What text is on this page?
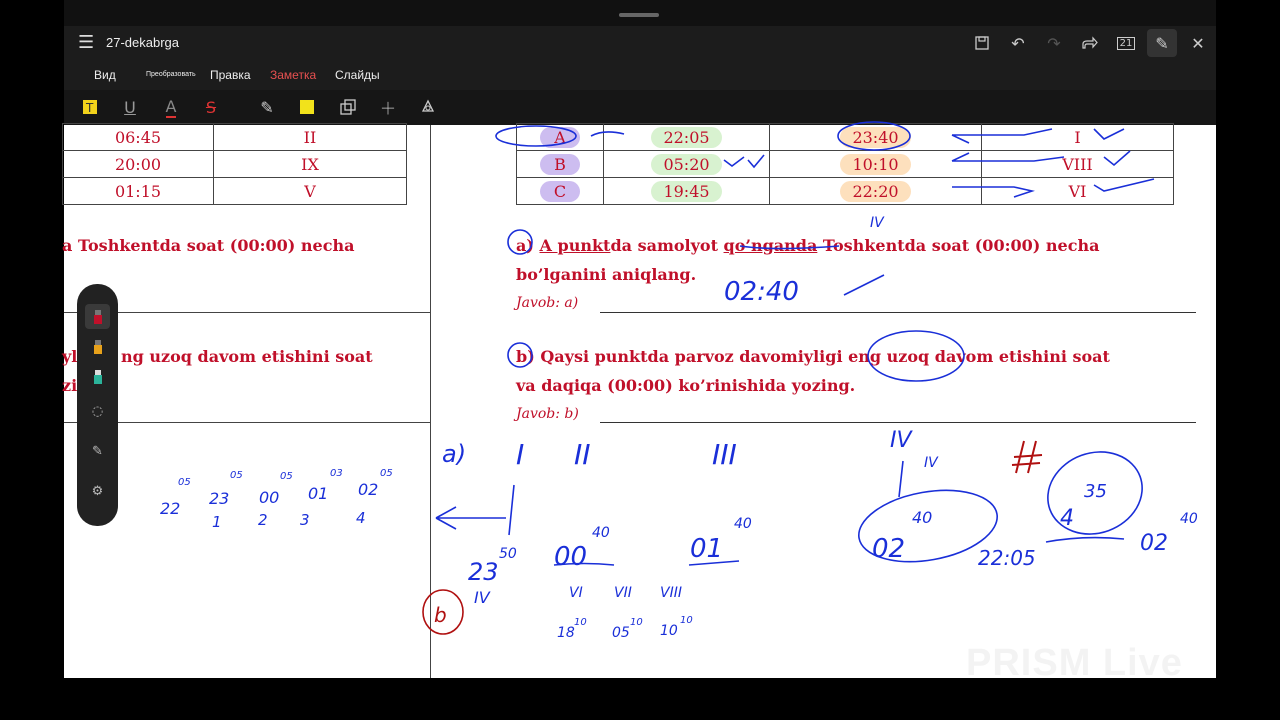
☰ 27-dekabrga	↶	↷	21	✎	✕
Вид	Преобразовать Правка Заметка Слайды
T U A S	✎	＋
06:45	II
20:00	IX
01:15	V
a Toshkentda soat (00:00) necha
yl	ng uzoq davom etishini soat
zi
A	22:05	23:40	I
B	05:20	10:10	VIII
C	19:45	22:20	VI
a) A punktda samolyot qo’nganda Toshkentda soat (00:00) necha
bo’lganini aniqlang.
Javob: a)
b) Qaysi punktda parvoz davomiyligi eng uzoq davom etishini soat
va daqiqa (00:00) ko’rinishida yozing.
Javob: b)
02:40
22
05
23
05
00
05
01
03
02
05
1 2 3	4
a) I II	III	IV
23
50 00
40
01
40
VI VII VIII
18
10
05
10
10
10
IV
02
40	4
35
22:05
02
40
IV
IV
b
◌
✎
⚙
PRISM Live
